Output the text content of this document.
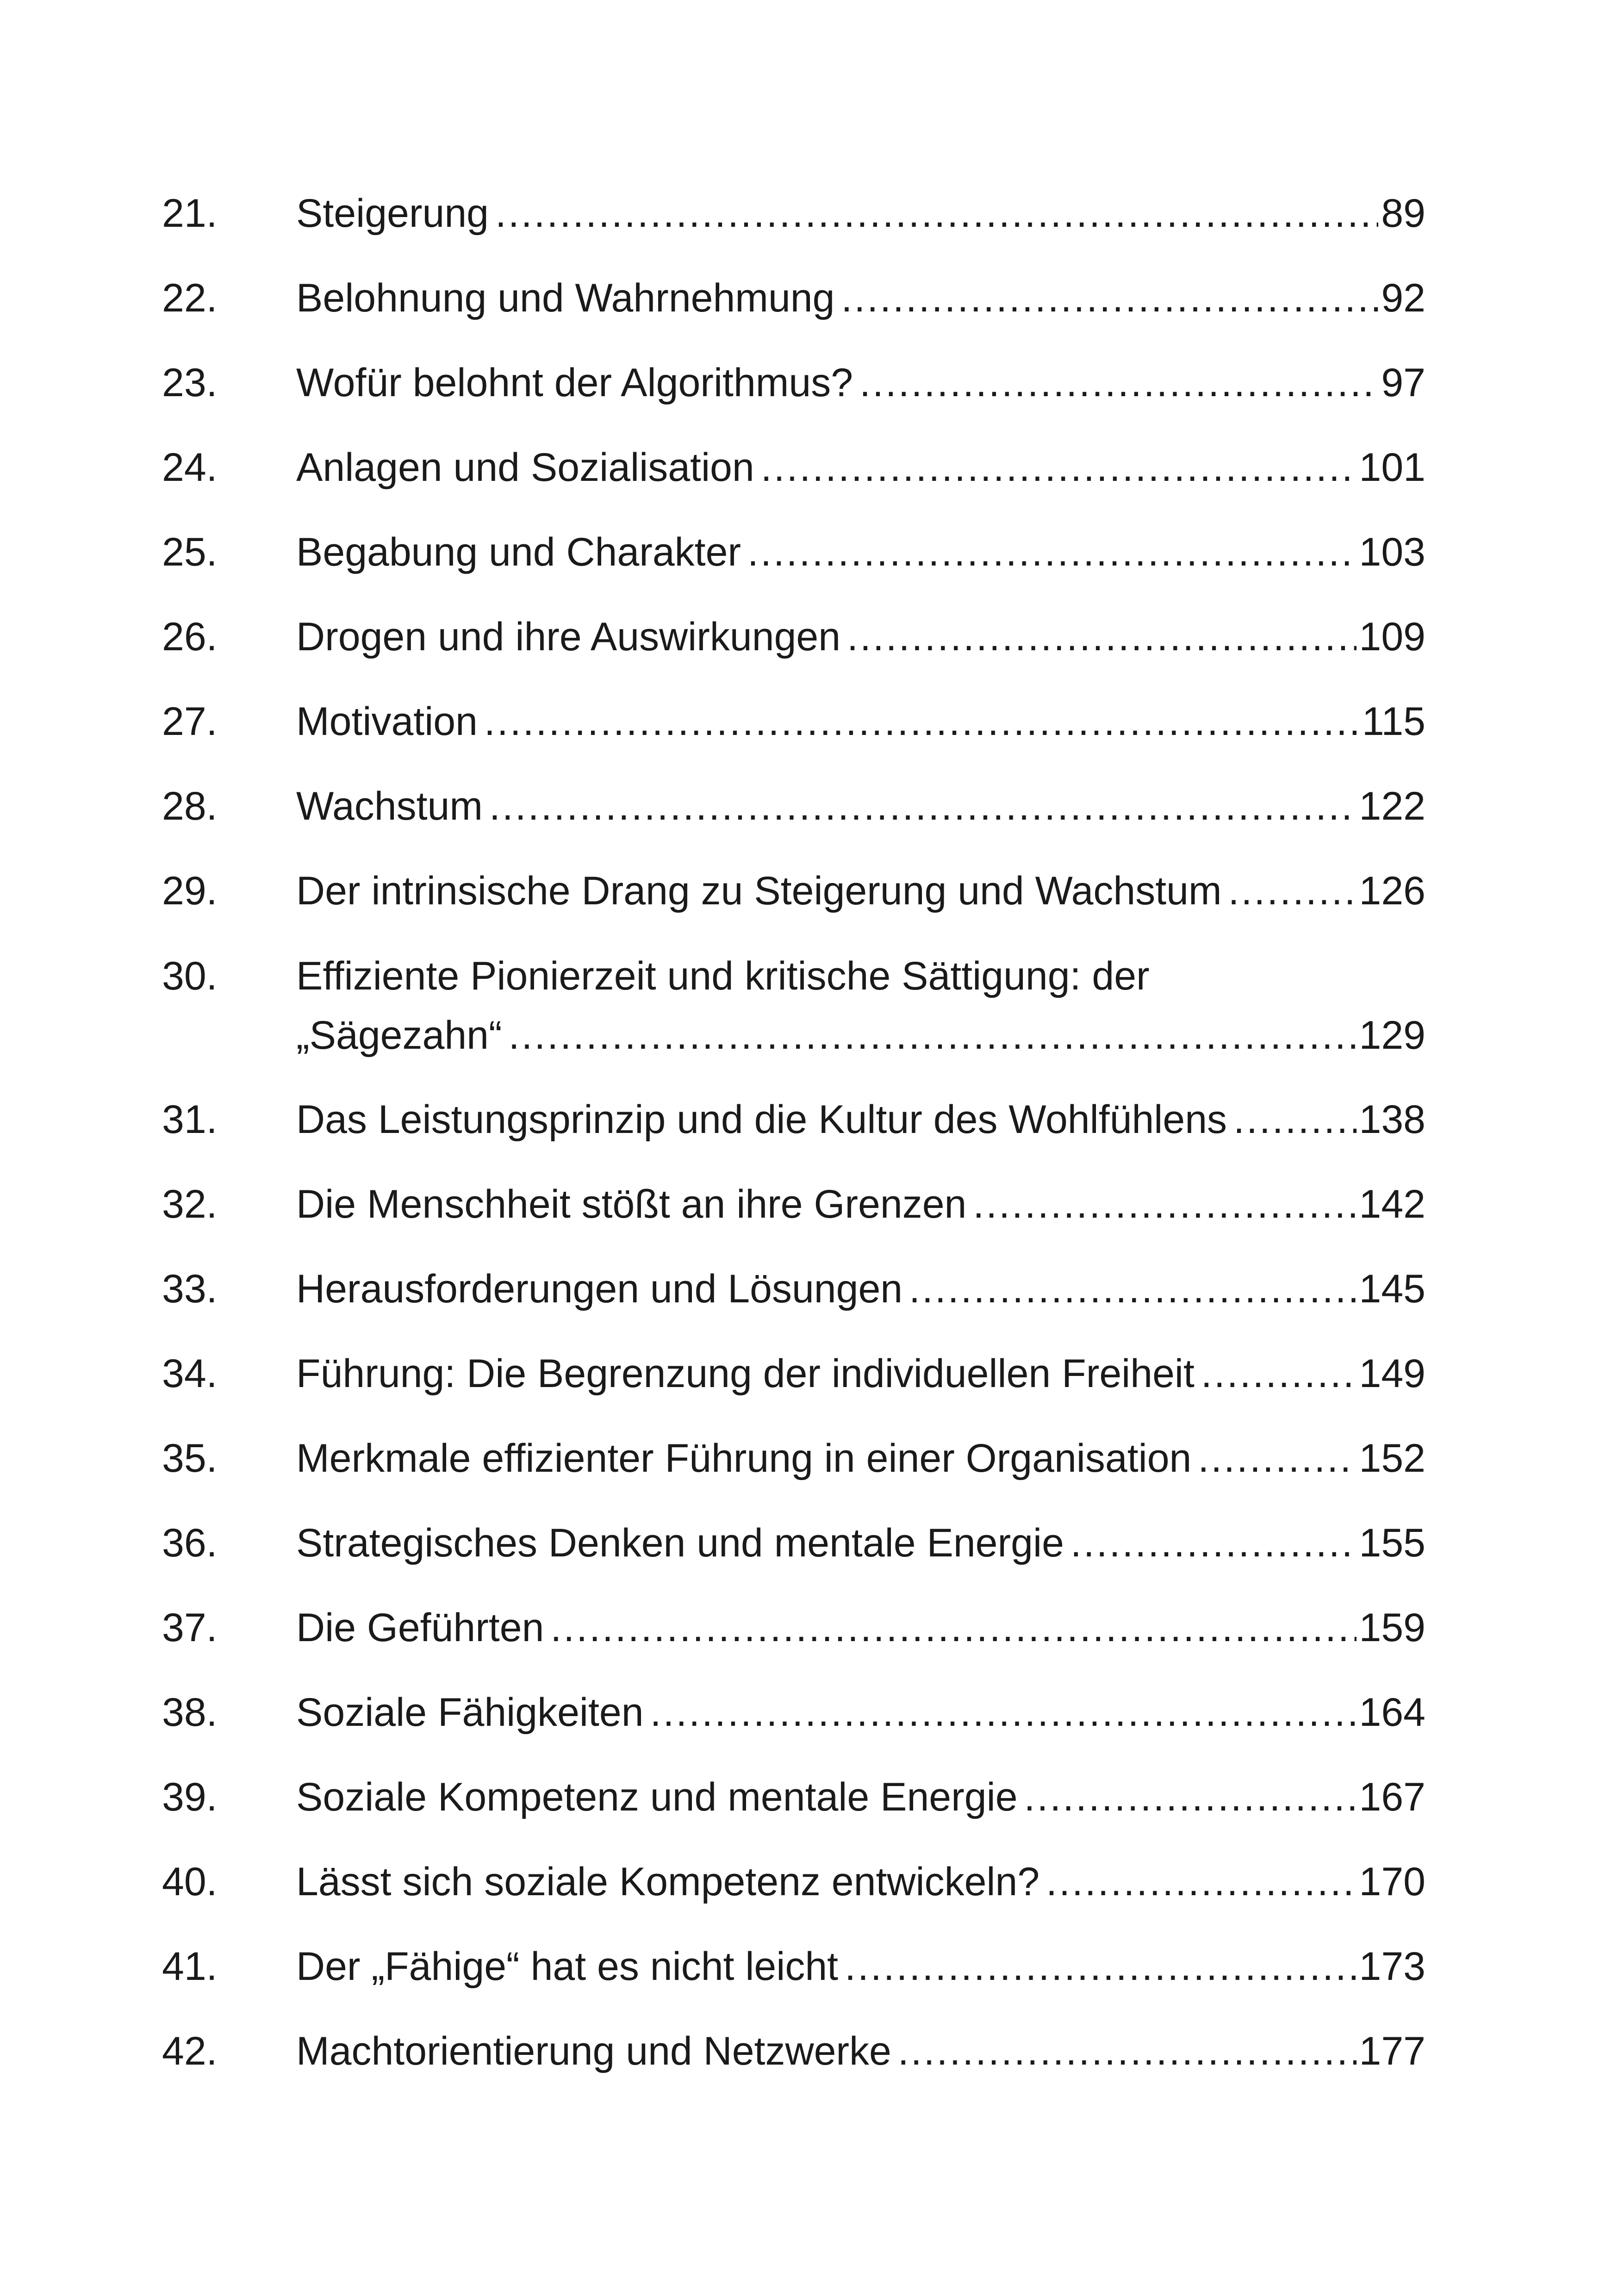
21.	Steigerung .....	89
22.	Belohnung und Wahrnehmung .....	92
23.	Wofür belohnt der Algorithmus? .....	97
24.	Anlagen und Sozialisation .....	101
25.	Begabung und Charakter .....	103
26.	Drogen und ihre Auswirkungen .....	109
27.	Motivation .....	115
28.	Wachstum .....	122
29.	Der intrinsische Drang zu Steigerung und Wachstum .....	126
30.	Effiziente Pionierzeit und kritische Sättigung: der
„Sägezahn“ .....	129
31.	Das Leistungsprinzip und die Kultur des Wohlfühlens .....	138
32.	Die Menschheit stößt an ihre Grenzen .....	142
33.	Herausforderungen und Lösungen .....	145
34.	Führung: Die Begrenzung der individuellen Freiheit .....	149
35.	Merkmale effizienter Führung in einer Organisation .....	152
36.	Strategisches Denken und mentale Energie .....	155
37.	Die Geführten .....	159
38.	Soziale Fähigkeiten .....	164
39.	Soziale Kompetenz und mentale Energie .....	167
40.	Lässt sich soziale Kompetenz entwickeln? .....	170
41.	Der „Fähige“ hat es nicht leicht .....	173
42.	Machtorientierung und Netzwerke .....	177
